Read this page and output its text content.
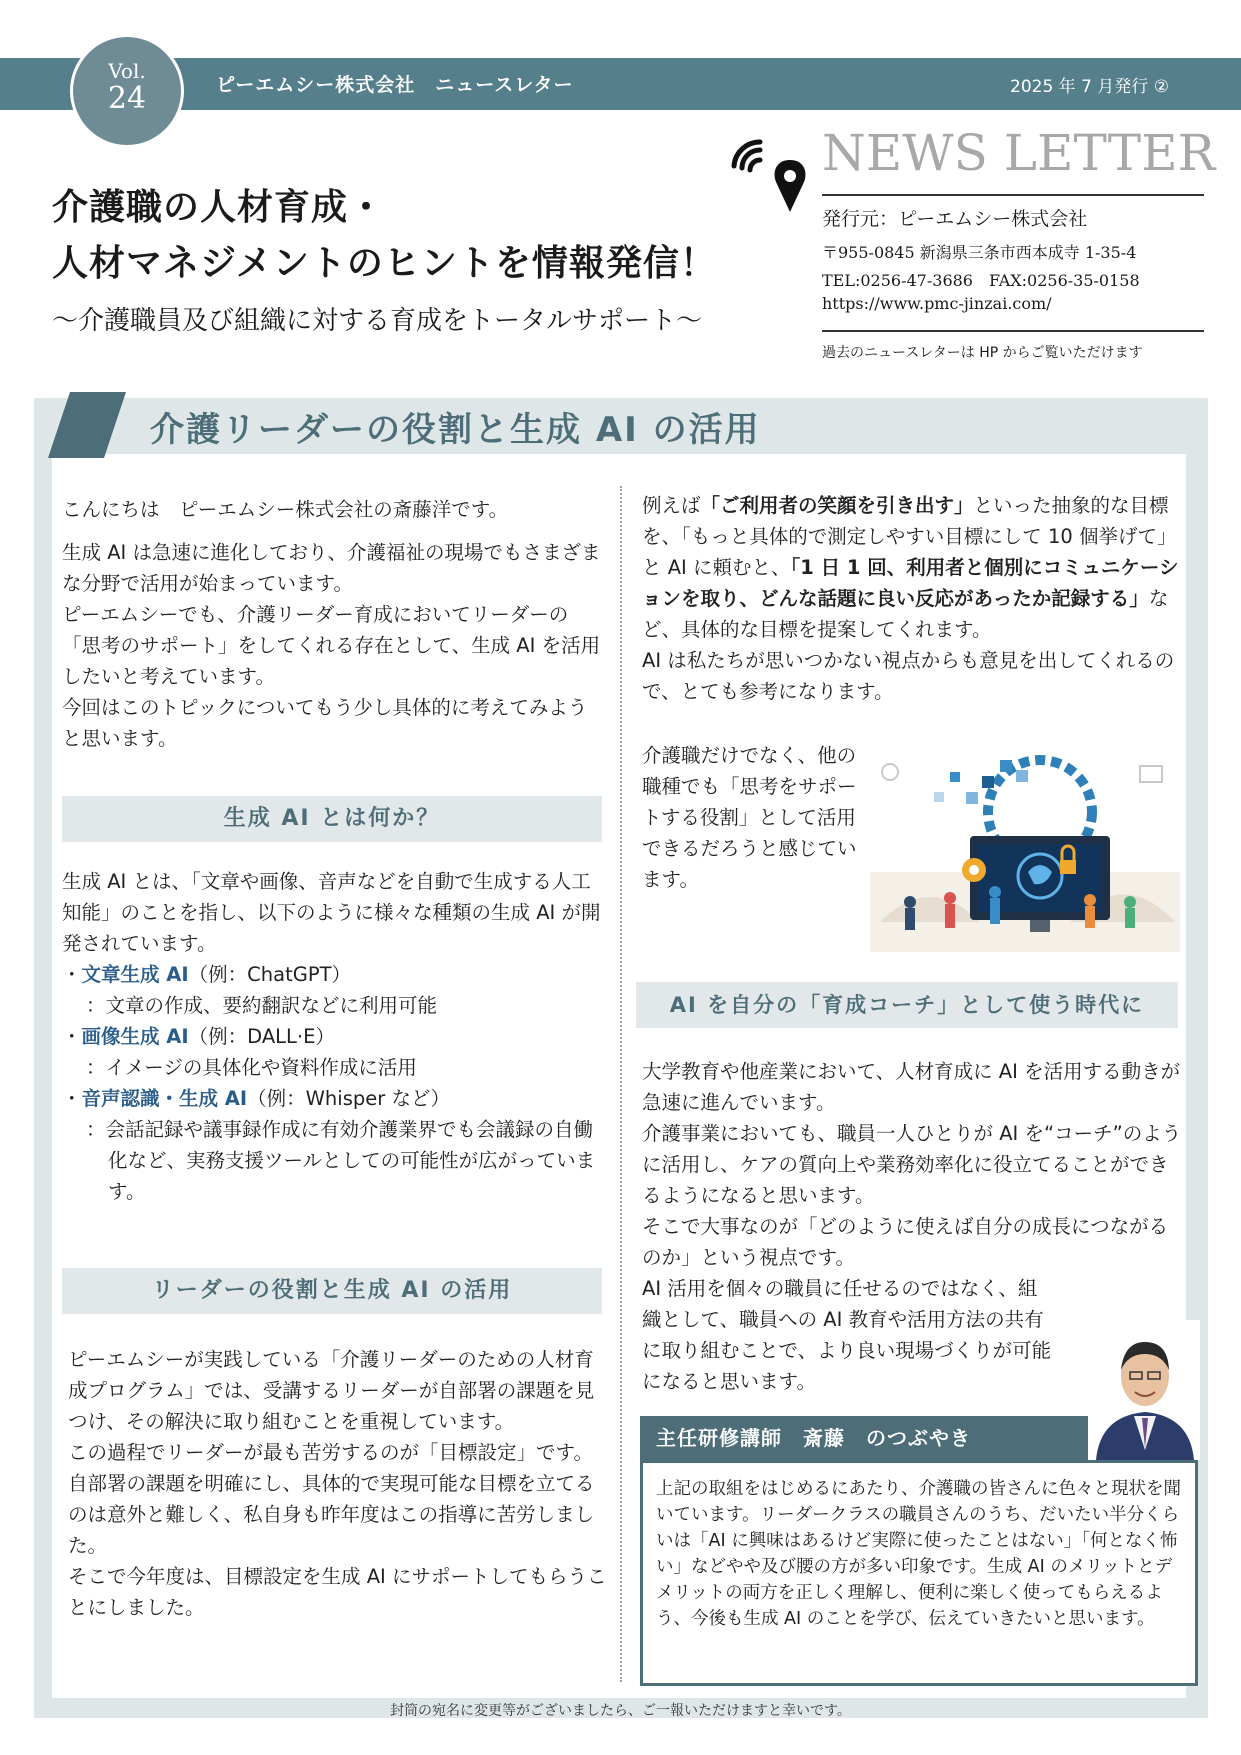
Vol.
24	ピーエムシー株式会社　ニュースレター	2025 年 7 月発行 ②
介護職の人材育成・
人材マネジメントのヒントを情報発信！
～介護職員及び組織に対する育成をトータルサポート～
NEWS LETTER
発行元：ピーエムシー株式会社
〒955-0845 新潟県三条市西本成寺 1-35-4
TEL:0256-47-3686　FAX:0256-35-0158
https://www.pmc-jinzai.com/
過去のニュースレターは HP からご覧いただけます
介護リーダーの役割と生成 AI の活用

こんにちは　ピーエムシー株式会社の斎藤洋です。

生成 AI は急速に進化しており、介護福祉の現場でもさまざまな分野で活用が始まっています。

ピーエムシーでも、介護リーダー育成においてリーダーの「思考のサポート」をしてくれる存在として、生成 AI を活用したいと考えています。

今回はこのトピックについてもう少し具体的に考えてみようと思います。

生成 AI とは何か？

生成 AI とは、「文章や画像、音声などを自動で生成する人工知能」のことを指し、以下のように様々な種類の生成 AI が開発されています。

・文章生成 AI（例：ChatGPT）

：文章の作成、要約翻訳などに利用可能

・画像生成 AI（例：DALL·E）

：イメージの具体化や資料作成に活用

・音声認識・生成 AI（例：Whisper など）

：会話記録や議事録作成に有効介護業界でも会議録の自働化など、実務支援ツールとしての可能性が広がっています。

リーダーの役割と生成 AI の活用

ピーエムシーが実践している「介護リーダーのための人材育成プログラム」では、受講するリーダーが自部署の課題を見つけ、その解決に取り組むことを重視しています。

この過程でリーダーが最も苦労するのが「目標設定」です。自部署の課題を明確にし、具体的で実現可能な目標を立てるのは意外と難しく、私自身も昨年度はこの指導に苦労しました。

そこで今年度は、目標設定を生成 AI にサポートしてもらうことにしました。

例えば「ご利用者の笑顔を引き出す」といった抽象的な目標を、「もっと具体的で測定しやすい目標にして 10 個挙げて」と AI に頼むと、「1 日 1 回、利用者と個別にコミュニケーションを取り、どんな話題に良い反応があったか記録する」など、具体的な目標を提案してくれます。

AI は私たちが思いつかない視点からも意見を出してくれるので、とても参考になります。

介護職だけでなく、他の職種でも「思考をサポートする役割」として活用できるだろうと感じています。
AI を自分の「育成コーチ」として使う時代に

大学教育や他産業において、人材育成に AI を活用する動きが急速に進んでいます。

介護事業においても、職員一人ひとりが AI を“コーチ”のように活用し、ケアの質向上や業務効率化に役立てることができるようになると思います。

そこで大事なのが「どのように使えば自分の成長につながるのか」という視点です。

AI 活用を個々の職員に任せるのではなく、組織として、職員への AI 教育や活用方法の共有に取り組むことで、より良い現場づくりが可能になると思います。

主任研修講師　斎藤　のつぶやき
上記の取組をはじめるにあたり、介護職の皆さんに色々と現状を聞いています。リーダークラスの職員さんのうち、だいたい半分くらいは「AI に興味はあるけど実際に使ったことはない」「何となく怖い」などやや及び腰の方が多い印象です。生成 AI のメリットとデメリットの両方を正しく理解し、便利に楽しく使ってもらえるよう、今後も生成 AI のことを学び、伝えていきたいと思います。
封筒の宛名に変更等がございましたら、ご一報いただけますと幸いです。
